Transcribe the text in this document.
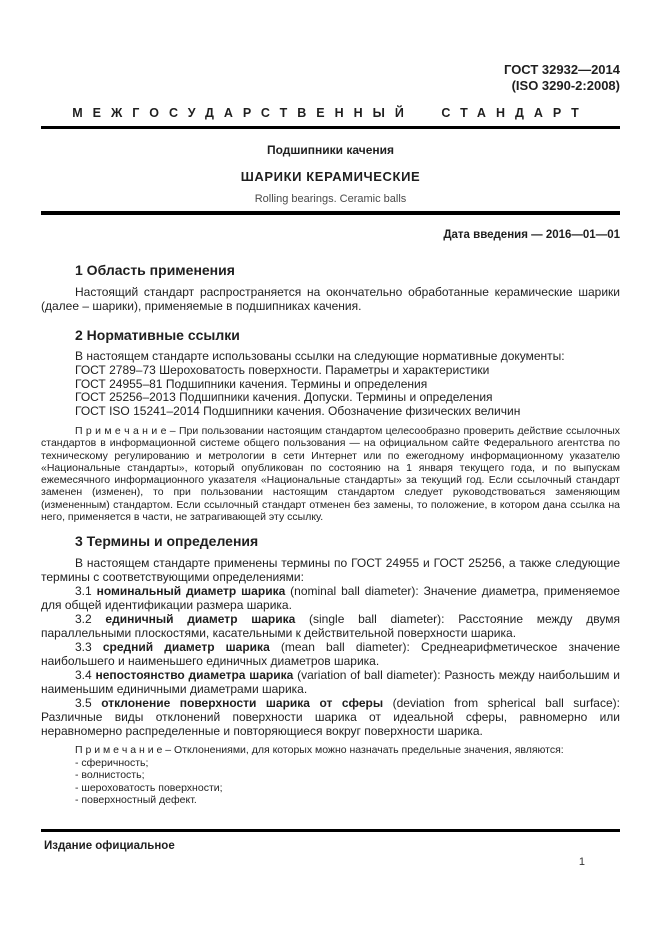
ГОСТ 32932—2014
(ISO 3290-2:2008)
МЕЖГОСУДАРСТВЕННЫЙ СТАНДАРТ
Подшипники качения
ШАРИКИ КЕРАМИЧЕСКИЕ
Rolling bearings. Ceramic balls
Дата введения — 2016—01—01
1 Область применения

Настоящий стандарт распространяется на окончательно обработанные керамические шарики (далее – шарики), применяемые в подшипниках качения.

2 Нормативные ссылки
В настоящем стандарте использованы ссылки на следующие нормативные документы:
ГОСТ 2789–73 Шероховатость поверхности. Параметры и характеристики
ГОСТ 24955–81 Подшипники качения. Термины и определения
ГОСТ 25256–2013 Подшипники качения. Допуски. Термины и определения
ГОСТ ISO 15241–2014 Подшипники качения. Обозначение физических величин

П р и м е ч а н и е – При пользовании настоящим стандартом целесообразно проверить действие ссылочных стандартов в информационной системе общего пользования — на официальном сайте Федерального агентства по техническому регулированию и метрологии в сети Интернет или по ежегодному информационному указателю «Национальные стандарты», который опубликован по состоянию на 1 января текущего года, и по выпускам ежемесячного информационного указателя «Национальные стандарты» за текущий год. Если ссылочный стандарт заменен (изменен), то при пользовании настоящим стандартом следует руководствоваться заменяющим (измененным) стандартом. Если ссылочный стандарт отменен без замены, то положение, в котором дана ссылка на него, применяется в части, не затрагивающей эту ссылку.

3 Термины и определения

В настоящем стандарте применены термины по ГОСТ 24955 и ГОСТ 25256, а также следующие термины с соответствующими определениями:

3.1 номинальный диаметр шарика (nominal ball diameter): Значение диаметра, применяемое для общей идентификации размера шарика.

3.2 единичный диаметр шарика (single ball diameter): Расстояние между двумя параллельными плоскостями, касательными к действительной поверхности шарика.

3.3 средний диаметр шарика (mean ball diameter): Среднеарифметическое значение наибольшего и наименьшего единичных диаметров шарика.

3.4 непостоянство диаметра шарика (variation of ball diameter): Разность между наибольшим и наименьшим единичными диаметрами шарика.

3.5 отклонение поверхности шарика от сферы (deviation from spherical ball surface): Различные виды отклонений поверхности шарика от идеальной сферы, равномерно или неравномерно распределенные и повторяющиеся вокруг поверхности шарика.

П р и м е ч а н и е – Отклонениями, для которых можно назначать предельные значения, являются:

- сферичность;
- волнистость;
- шероховатость поверхности;
- поверхностный дефект.
Издание официальное
1
